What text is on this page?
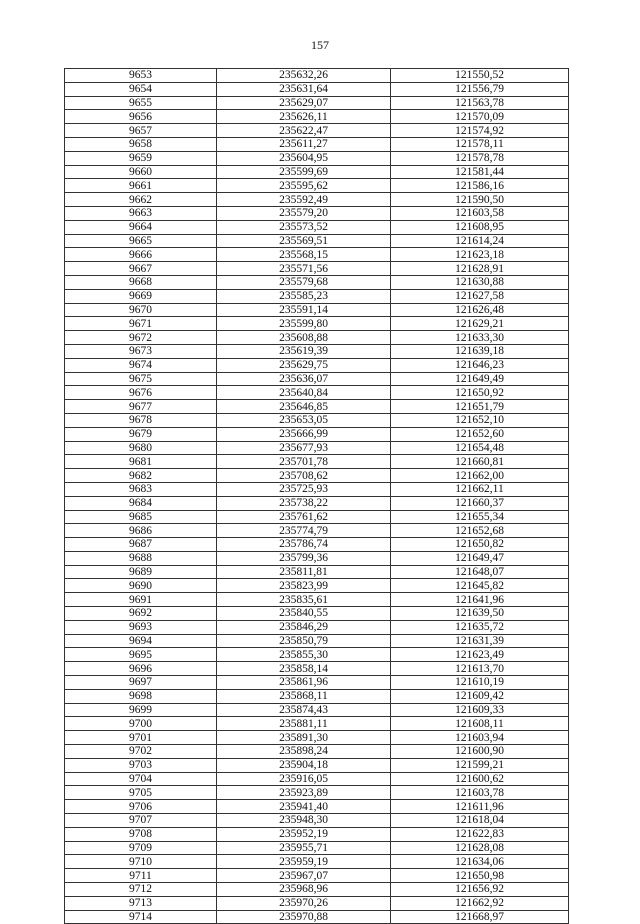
157
9653	235632,26	121550,52
9654	235631,64	121556,79
9655	235629,07	121563,78
9656	235626,11	121570,09
9657	235622,47	121574,92
9658	235611,27	121578,11
9659	235604,95	121578,78
9660	235599,69	121581,44
9661	235595,62	121586,16
9662	235592,49	121590,50
9663	235579,20	121603,58
9664	235573,52	121608,95
9665	235569,51	121614,24
9666	235568,15	121623,18
9667	235571,56	121628,91
9668	235579,68	121630,88
9669	235585,23	121627,58
9670	235591,14	121626,48
9671	235599,80	121629,21
9672	235608,88	121633,30
9673	235619,39	121639,18
9674	235629,75	121646,23
9675	235636,07	121649,49
9676	235640,84	121650,92
9677	235646,85	121651,79
9678	235653,05	121652,10
9679	235666,99	121652,60
9680	235677,93	121654,48
9681	235701,78	121660,81
9682	235708,62	121662,00
9683	235725,93	121662,11
9684	235738,22	121660,37
9685	235761,62	121655,34
9686	235774,79	121652,68
9687	235786,74	121650,82
9688	235799,36	121649,47
9689	235811,81	121648,07
9690	235823,99	121645,82
9691	235835,61	121641,96
9692	235840,55	121639,50
9693	235846,29	121635,72
9694	235850,79	121631,39
9695	235855,30	121623,49
9696	235858,14	121613,70
9697	235861,96	121610,19
9698	235868,11	121609,42
9699	235874,43	121609,33
9700	235881,11	121608,11
9701	235891,30	121603,94
9702	235898,24	121600,90
9703	235904,18	121599,21
9704	235916,05	121600,62
9705	235923,89	121603,78
9706	235941,40	121611,96
9707	235948,30	121618,04
9708	235952,19	121622,83
9709	235955,71	121628,08
9710	235959,19	121634,06
9711	235967,07	121650,98
9712	235968,96	121656,92
9713	235970,26	121662,92
9714	235970,88	121668,97
